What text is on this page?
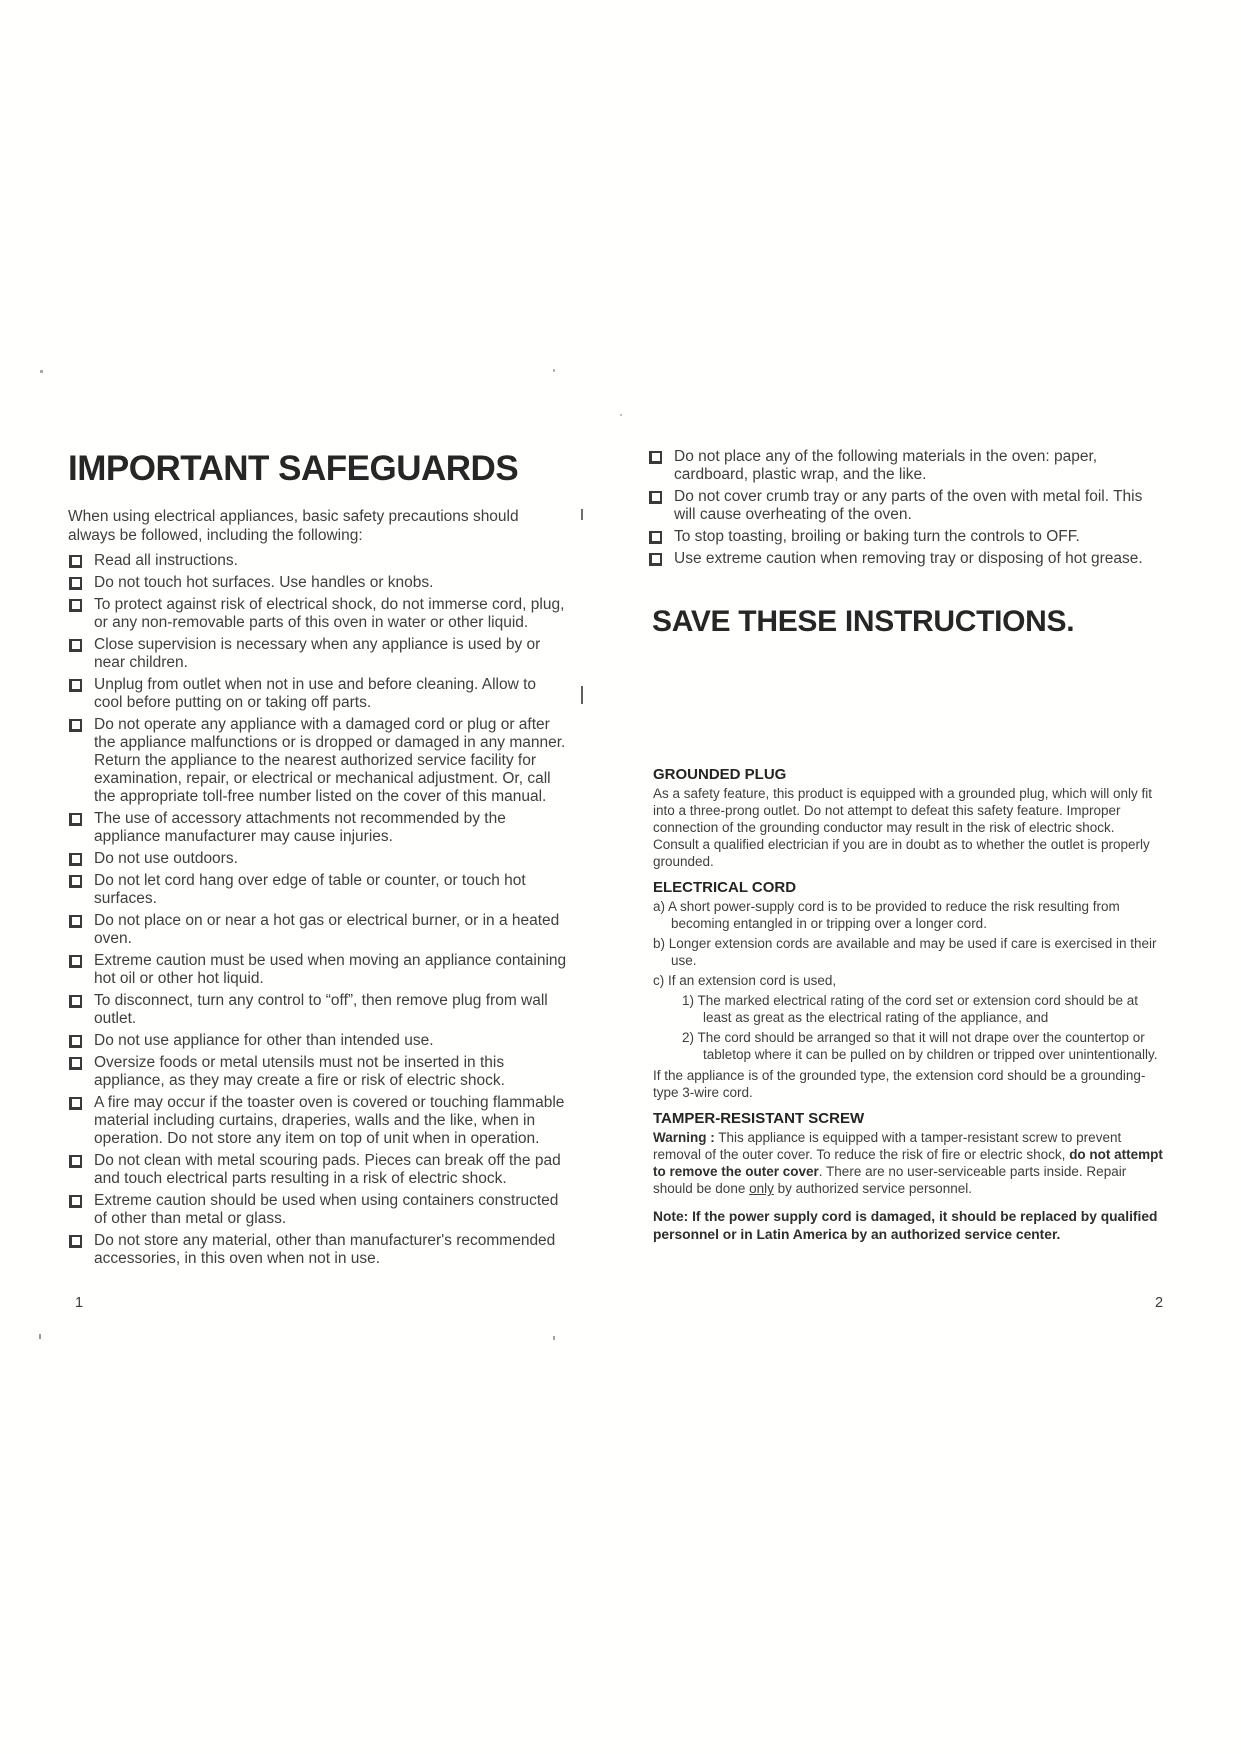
IMPORTANT SAFEGUARDS

When using electrical appliances, basic safety precautions should always be followed, including the following:

Read all instructions.
Do not touch hot surfaces. Use handles or knobs.
To protect against risk of electrical shock, do not immerse cord, plug, or any non-removable parts of this oven in water or other liquid.
Close supervision is necessary when any appliance is used by or near children.
Unplug from outlet when not in use and before cleaning. Allow to cool before putting on or taking off parts.
Do not operate any appliance with a damaged cord or plug or after the appliance malfunctions or is dropped or damaged in any manner. Return the appliance to the nearest authorized service facility for examination, repair, or electrical or mechanical adjustment. Or, call the appropriate toll-free number listed on the cover of this manual.
The use of accessory attachments not recommended by the appliance manufacturer may cause injuries.
Do not use outdoors.
Do not let cord hang over edge of table or counter, or touch hot surfaces.
Do not place on or near a hot gas or electrical burner, or in a heated oven.
Extreme caution must be used when moving an appliance containing hot oil or other hot liquid.
To disconnect, turn any control to “off”, then remove plug from wall outlet.
Do not use appliance for other than intended use.
Oversize foods or metal utensils must not be inserted in this appliance, as they may create a fire or risk of electric shock.
A fire may occur if the toaster oven is covered or touching flammable material including curtains, draperies, walls and the like, when in operation. Do not store any item on top of unit when in operation.
Do not clean with metal scouring pads. Pieces can break off the pad and touch electrical parts resulting in a risk of electric shock.
Extreme caution should be used when using containers constructed of other than metal or glass.
Do not store any material, other than manufacturer's recommended accessories, in this oven when not in use.
Do not place any of the following materials in the oven: paper, cardboard, plastic wrap, and the like.
Do not cover crumb tray or any parts of the oven with metal foil. This will cause overheating of the oven.
To stop toasting, broiling or baking turn the controls to OFF.
Use extreme caution when removing tray or disposing of hot grease.
SAVE THESE INSTRUCTIONS.
GROUNDED PLUG

As a safety feature, this product is equipped with a grounded plug, which will only fit into a three-prong outlet. Do not attempt to defeat this safety feature. Improper connection of the grounding conductor may result in the risk of electric shock. Consult a qualified electrician if you are in doubt as to whether the outlet is properly grounded.

ELECTRICAL CORD

a) A short power-supply cord is to be provided to reduce the risk resulting from becoming entangled in or tripping over a longer cord.

b) Longer extension cords are available and may be used if care is exercised in their use.

c) If an extension cord is used,

1) The marked electrical rating of the cord set or extension cord should be at least as great as the electrical rating of the appliance, and

2) The cord should be arranged so that it will not drape over the countertop or tabletop where it can be pulled on by children or tripped over unintentionally.

If the appliance is of the grounded type, the extension cord should be a grounding-type 3-wire cord.

TAMPER-RESISTANT SCREW

Warning : This appliance is equipped with a tamper-resistant screw to prevent removal of the outer cover. To reduce the risk of fire or electric shock, do not attempt to remove the outer cover. There are no user-serviceable parts inside. Repair should be done only by authorized service personnel.

Note: If the power supply cord is damaged, it should be replaced by qualified personnel or in Latin America by an authorized service center.

1	2
